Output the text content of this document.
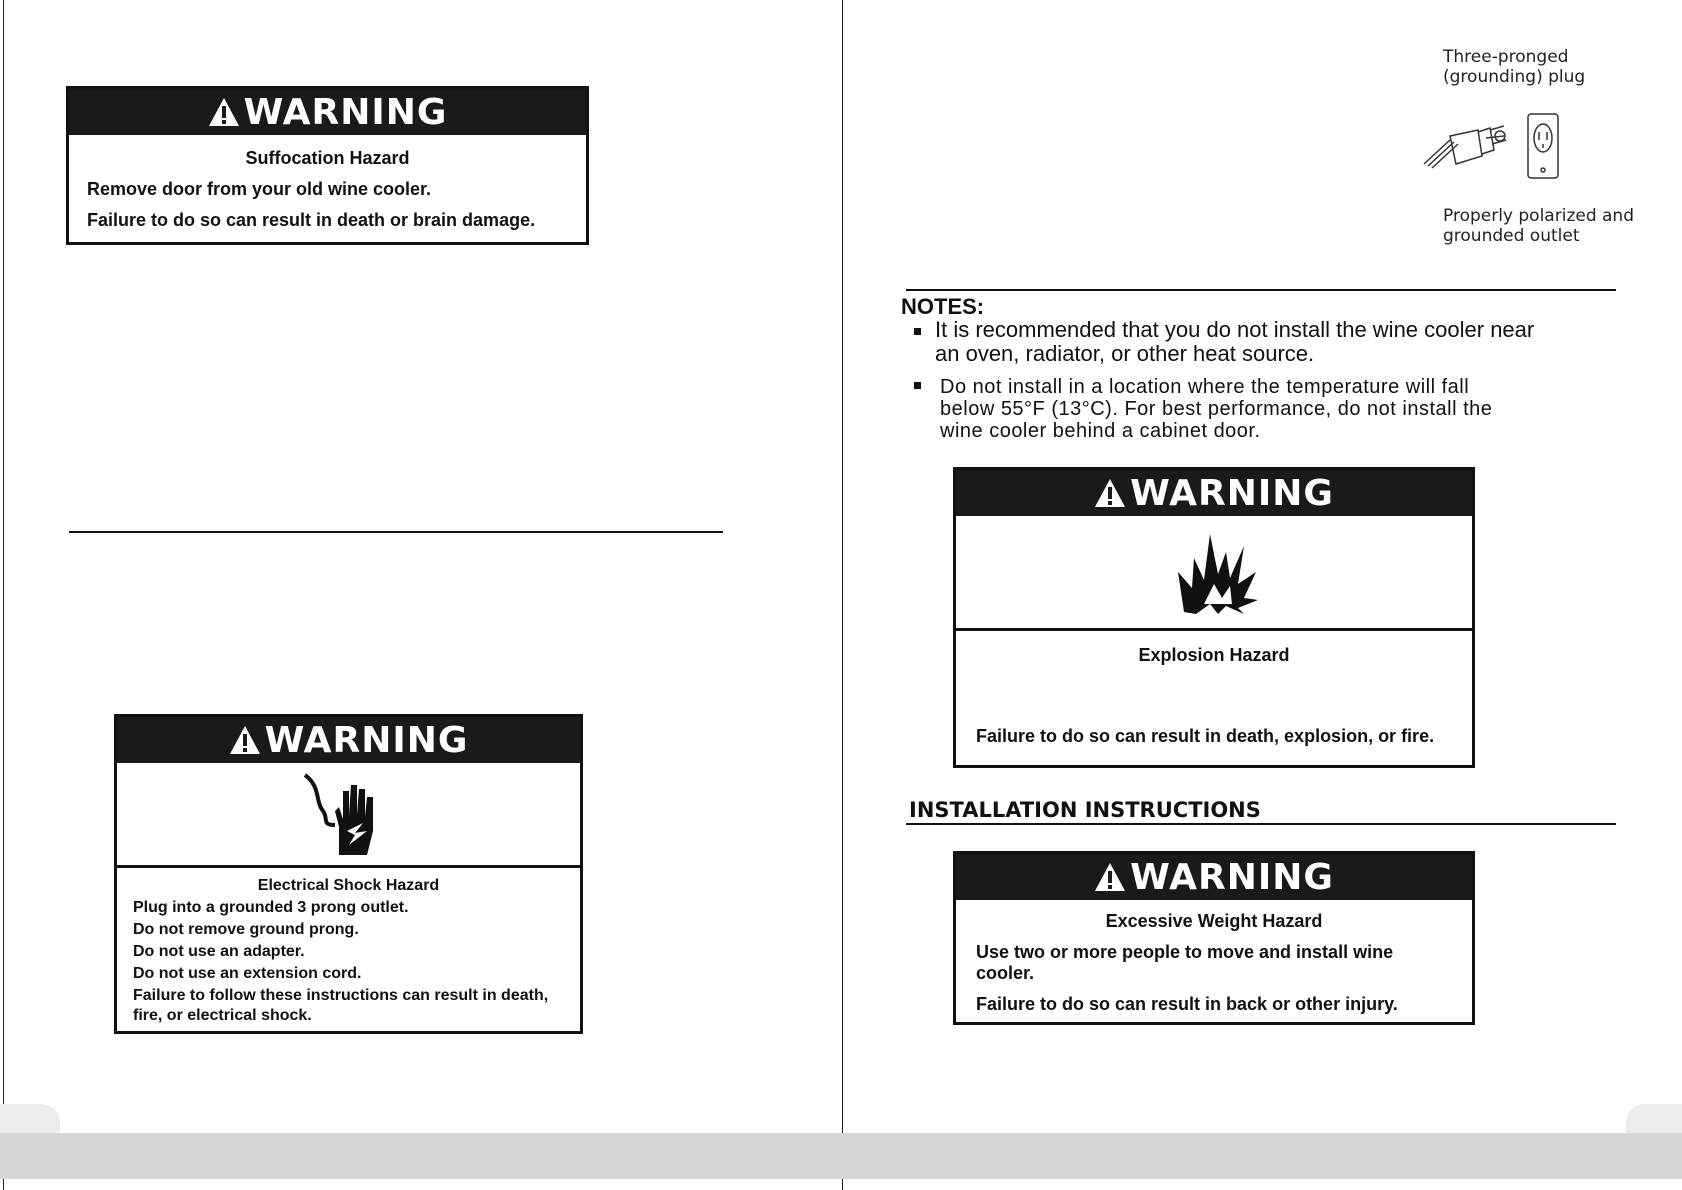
WARNING

Suffocation Hazard

Remove door from your old wine cooler.

Failure to do so can result in death or brain damage.

WARNING

Electrical Shock Hazard

Plug into a grounded 3 prong outlet.

Do not remove ground prong.

Do not use an adapter.

Do not use an extension cord.

Failure to follow these instructions can result in death,

fire, or electrical shock.

Three-pronged
(grounding) plug
Properly polarized and
grounded outlet
NOTES:
It is recommended that you do not install the wine cooler near
an oven, radiator, or other heat source.
Do not install in a location where the temperature will fall
below 55°F (13°C). For best performance, do not install the
wine cooler behind a cabinet door.
WARNING

Explosion Hazard

Failure to do so can result in death, explosion, or fire.

INSTALLATION INSTRUCTIONS
WARNING

Excessive Weight Hazard

Use two or more people to move and install wine

cooler.

Failure to do so can result in back or other injury.
